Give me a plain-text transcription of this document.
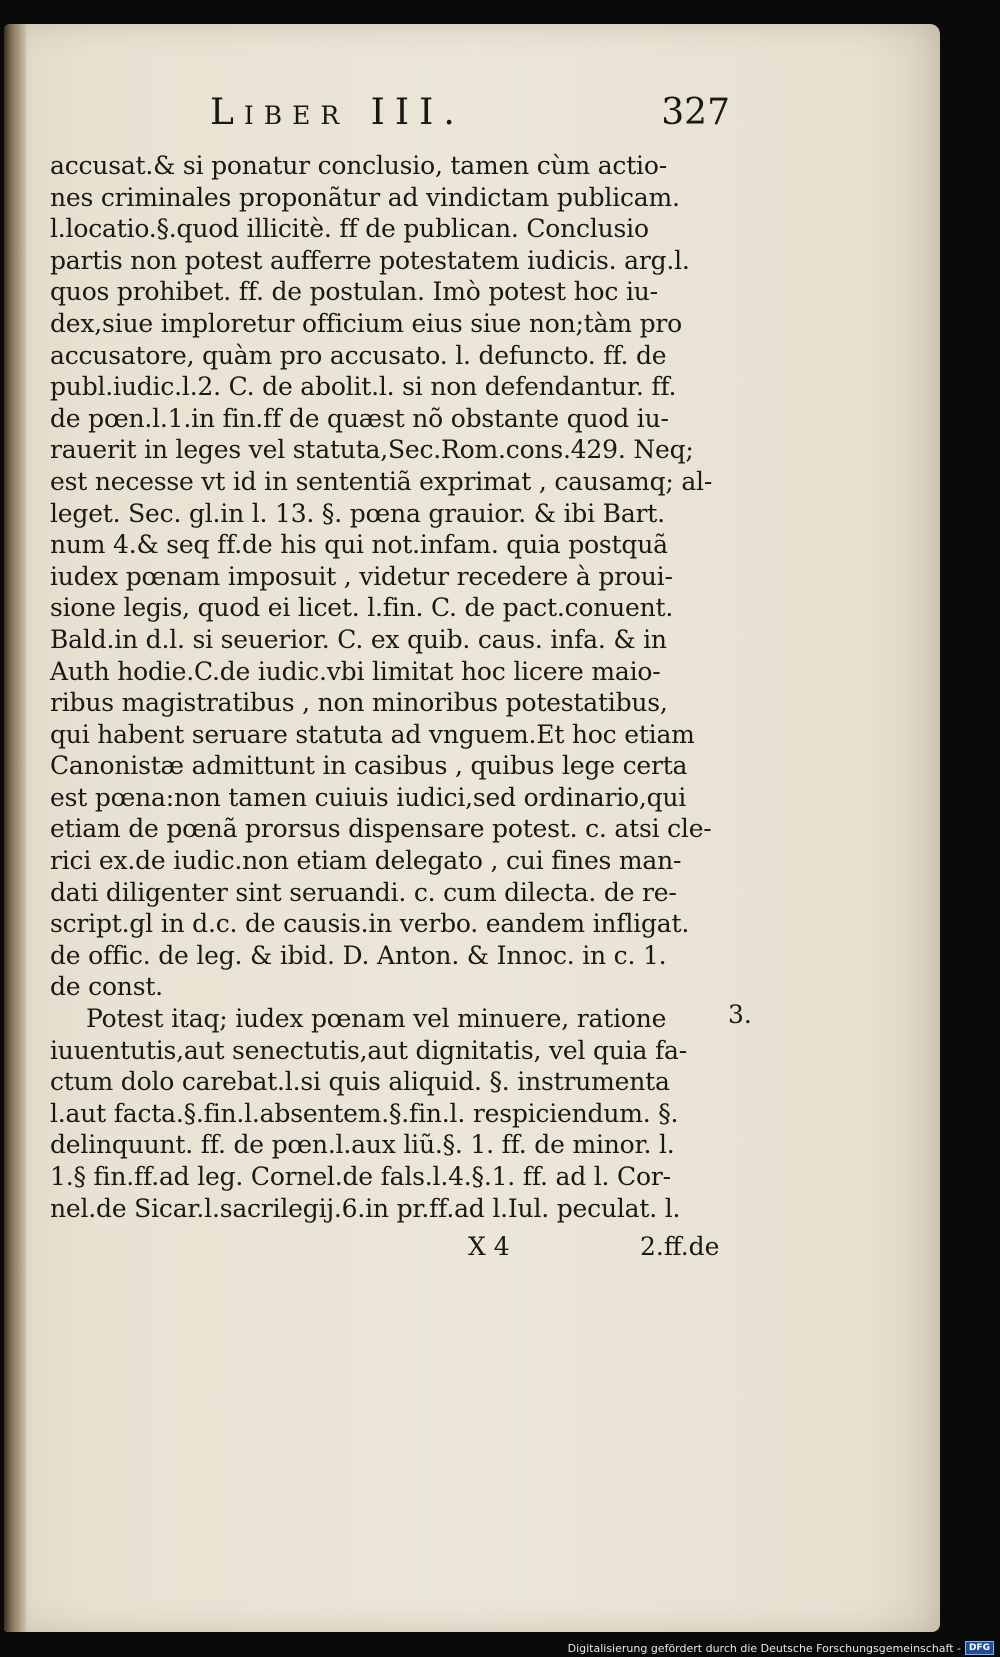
Liber III.	327
accusat.& si ponatur conclusio, tamen cùm actio-
nes criminales proponãtur ad vindictam publicam.
l.locatio.§.quod illicitè. ff de publican. Conclusio
partis non potest aufferre potestatem iudicis. arg.l.
quos prohibet. ff. de postulan. Imò potest hoc iu-
dex,siue imploretur officium eius siue non;tàm pro
accusatore, quàm pro accusato. l. defuncto. ff. de
publ.iudic.l.2. C. de abolit.l. si non defendantur. ff.
de pœn.l.1.in fin.ff de quæst nõ obstante quod iu-
rauerit in leges vel statuta,Sec.Rom.cons.429. Neq;
est necesse vt id in sententiã exprimat , causamq; al-
leget. Sec. gl.in l. 13. §. pœna grauior. & ibi Bart.
num 4.& seq ff.de his qui not.infam. quia postquã
iudex pœnam imposuit , videtur recedere à proui-
sione legis, quod ei licet. l.fin. C. de pact.conuent.
Bald.in d.l. si seuerior. C. ex quib. caus. infa. & in
Auth hodie.C.de iudic.vbi limitat hoc licere maio-
ribus magistratibus , non minoribus potestatibus,
qui habent seruare statuta ad vnguem.Et hoc etiam
Canonistæ admittunt in casibus , quibus lege certa
est pœna:non tamen cuiuis iudici,sed ordinario,qui
etiam de pœnã prorsus dispensare potest. c. atsi cle-
rici ex.de iudic.non etiam delegato , cui fines man-
dati diligenter sint seruandi. c. cum dilecta. de re-
script.gl in d.c. de causis.in verbo. eandem infligat.
de offic. de leg. & ibid. D. Anton. & Innoc. in c. 1.
de const.
Potest itaq; iudex pœnam vel minuere, ratione
iuuentutis,aut senectutis,aut dignitatis, vel quia fa-
ctum dolo carebat.l.si quis aliquid. §. instrumenta
l.aut facta.§.fin.l.absentem.§.fin.l. respiciendum. §.
delinquunt. ff. de pœn.l.aux liũ.§. 1. ff. de minor. l.
1.§ fin.ff.ad leg. Cornel.de fals.l.4.§.1. ff. ad l. Cor-
nel.de Sicar.l.sacrilegij.6.in pr.ff.ad l.Iul. peculat. l.
3.
X 4	2.ff.de
Digitalisierung gefördert durch die Deutsche Forschungsgemeinschaft - DFG
